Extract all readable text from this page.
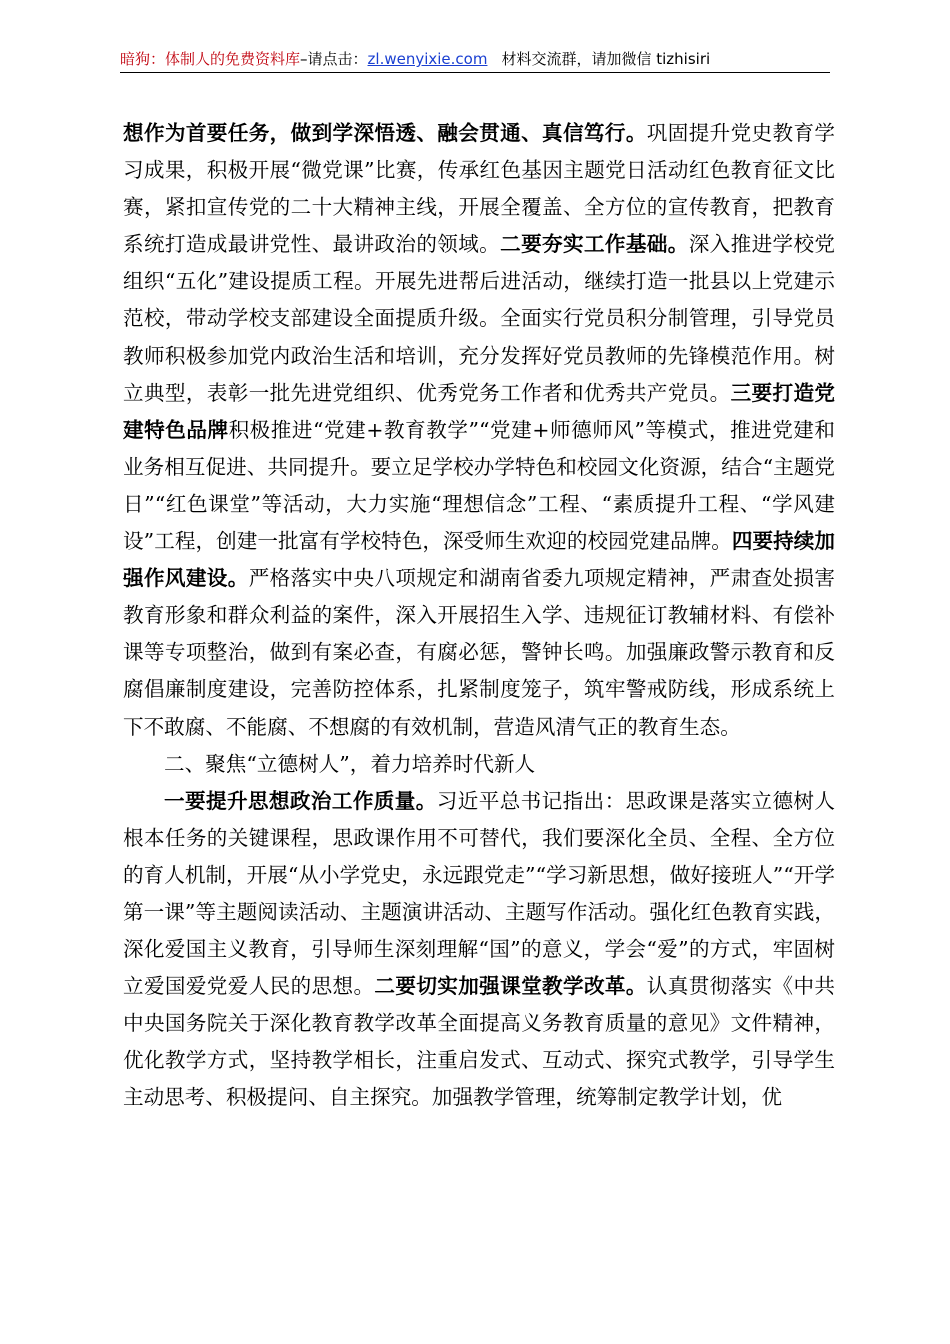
暗狗：体制人的免费资料库–请点击：zl.wenyixie.com 材料交流群，请加微信 tizhisiri

想作为首要任务，做到学深悟透、融会贯通、真信笃行。巩固提升党史教育学习成果，积极开展“微党课”比赛，传承红色基因主题党日活动红色教育征文比赛，紧扣宣传党的二十大精神主线，开展全覆盖、全方位的宣传教育，把教育系统打造成最讲党性、最讲政治的领域。二要夯实工作基础。深入推进学校党组织“五化”建设提质工程。开展先进帮后进活动，继续打造一批县以上党建示范校，带动学校支部建设全面提质升级。全面实行党员积分制管理，引导党员教师积极参加党内政治生活和培训，充分发挥好党员教师的先锋模范作用。树立典型，表彰一批先进党组织、优秀党务工作者和优秀共产党员。三要打造党建特色品牌积极推进“党建+教育教学”“党建+师德师风”等模式，推进党建和业务相互促进、共同提升。要立足学校办学特色和校园文化资源，结合“主题党日”“红色课堂”等活动，大力实施“理想信念”工程、“素质提升工程、“学风建设”工程，创建一批富有学校特色，深受师生欢迎的校园党建品牌。四要持续加强作风建设。严格落实中央八项规定和湖南省委九项规定精神，严肃查处损害教育形象和群众利益的案件，深入开展招生入学、违规征订教辅材料、有偿补课等专项整治，做到有案必查，有腐必惩，警钟长鸣。加强廉政警示教育和反腐倡廉制度建设，完善防控体系，扎紧制度笼子，筑牢警戒防线，形成系统上下不敢腐、不能腐、不想腐的有效机制，营造风清气正的教育生态。

二、聚焦“立德树人”，着力培养时代新人

一要提升思想政治工作质量。习近平总书记指出：思政课是落实立德树人根本任务的关键课程，思政课作用不可替代，我们要深化全员、全程、全方位的育人机制，开展“从小学党史，永远跟党走”“学习新思想，做好接班人”“开学第一课”等主题阅读活动、主题演讲活动、主题写作活动。强化红色教育实践，深化爱国主义教育，引导师生深刻理解“国”的意义，学会“爱”的方式，牢固树立爱国爱党爱人民的思想。二要切实加强课堂教学改革。认真贯彻落实《中共中央国务院关于深化教育教学改革全面提高义务教育质量的意见》文件精神，优化教学方式，坚持教学相长，注重启发式、互动式、探究式教学，引导学生主动思考、积极提问、自主探究。加强教学管理，统筹制定教学计划，优
